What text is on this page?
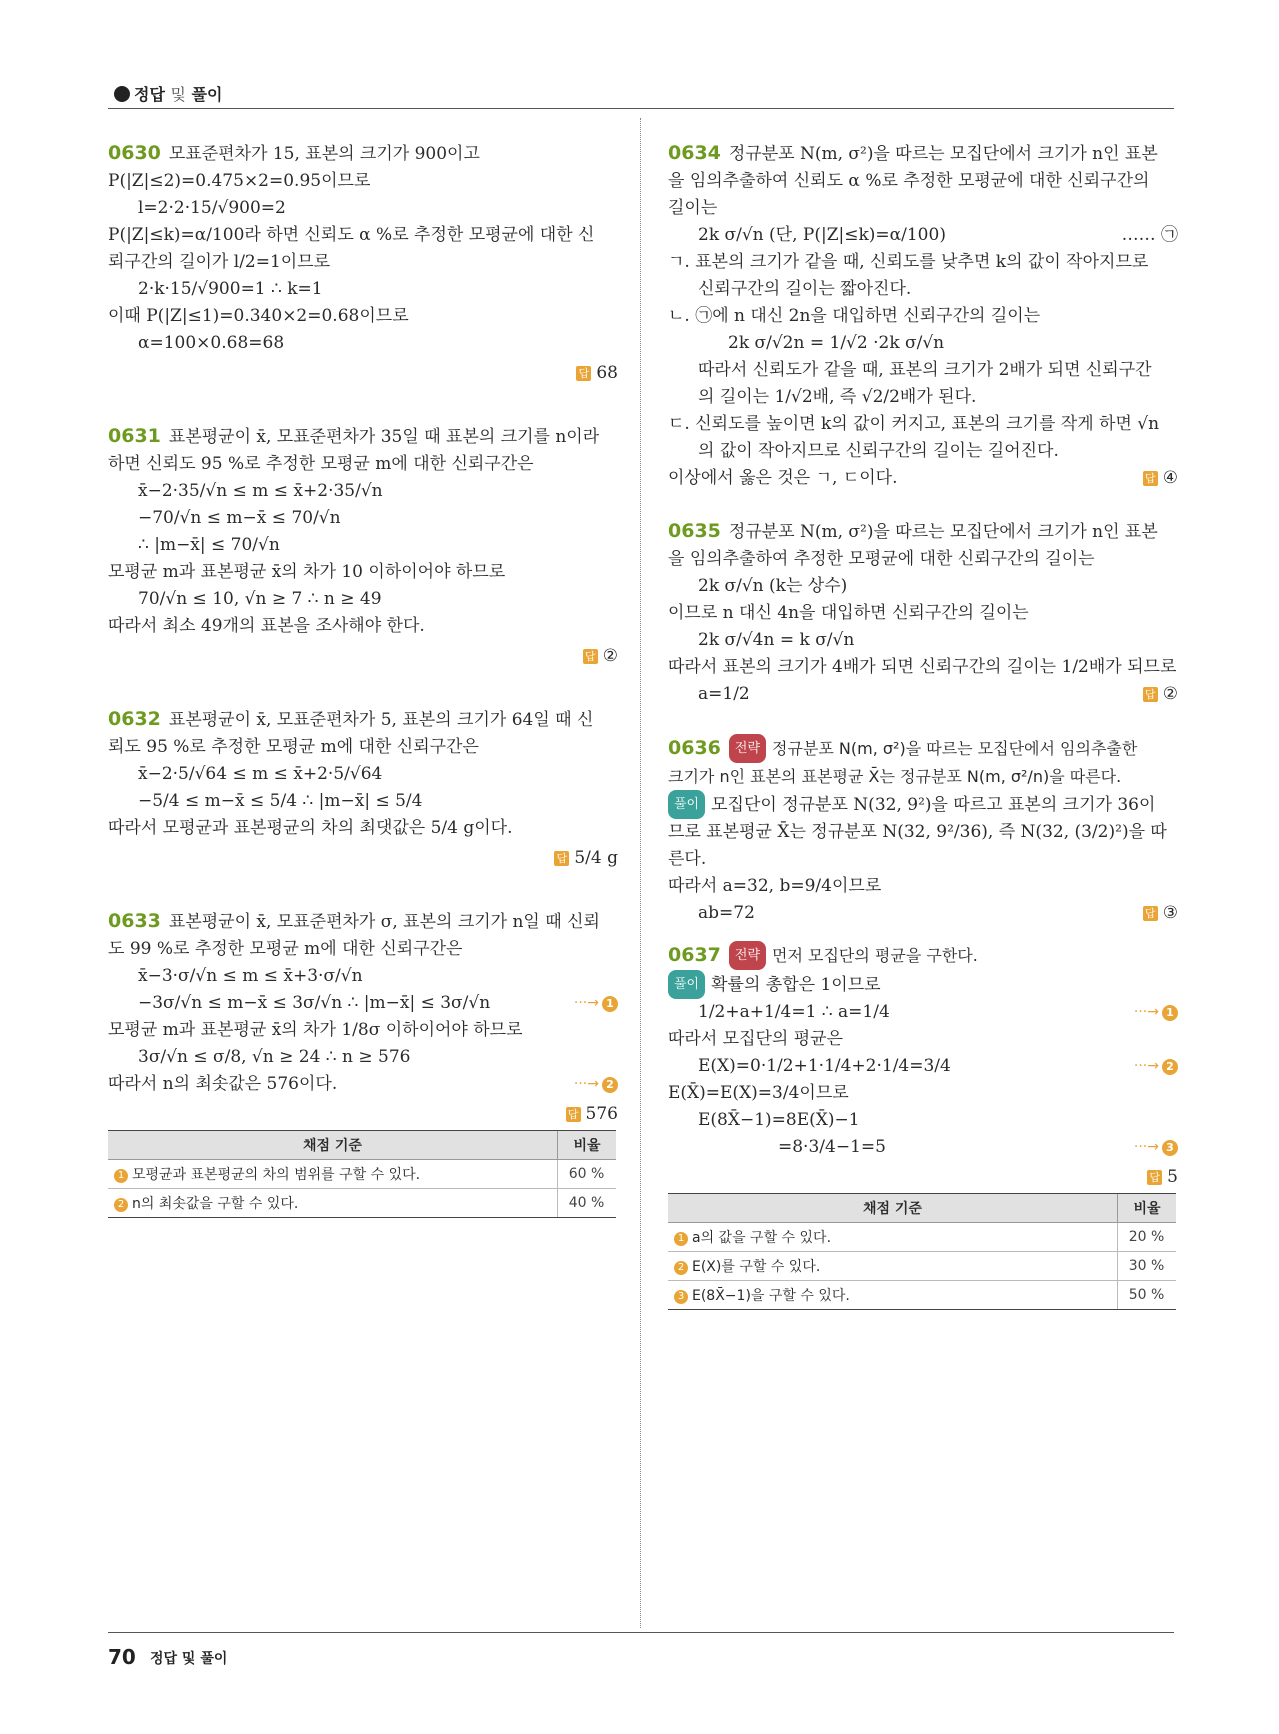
정답 및 풀이

0630 모표준편차가 15, 표본의 크기가 900이고

P(|Z|≤2)=0.475×2=0.95이므로

l=2·2·15/√900=2

P(|Z|≤k)=α/100라 하면 신뢰도 α %로 추정한 모평균에 대한 신

뢰구간의 길이가 l/2=1이므로

2·k·15/√900=1 ∴ k=1

이때 P(|Z|≤1)=0.340×2=0.68이므로

α=100×0.68=68

답 68

0631 표본평균이 x̄, 모표준편차가 35일 때 표본의 크기를 n이라

하면 신뢰도 95 %로 추정한 모평균 m에 대한 신뢰구간은

x̄−2·35/√n ≤ m ≤ x̄+2·35/√n

−70/√n ≤ m−x̄ ≤ 70/√n

∴ |m−x̄| ≤ 70/√n

모평균 m과 표본평균 x̄의 차가 10 이하이어야 하므로

70/√n ≤ 10, √n ≥ 7 ∴ n ≥ 49

따라서 최소 49개의 표본을 조사해야 한다.

답 ②

0632 표본평균이 x̄, 모표준편차가 5, 표본의 크기가 64일 때 신

뢰도 95 %로 추정한 모평균 m에 대한 신뢰구간은

x̄−2·5/√64 ≤ m ≤ x̄+2·5/√64

−5/4 ≤ m−x̄ ≤ 5/4 ∴ |m−x̄| ≤ 5/4

따라서 모평균과 표본평균의 차의 최댓값은 5/4 g이다.

답 5/4 g

0633 표본평균이 x̄, 모표준편차가 σ, 표본의 크기가 n일 때 신뢰

도 99 %로 추정한 모평균 m에 대한 신뢰구간은

x̄−3·σ/√n ≤ m ≤ x̄+3·σ/√n

−3σ/√n ≤ m−x̄ ≤ 3σ/√n ∴ |m−x̄| ≤ 3σ/√n	···→ 1

모평균 m과 표본평균 x̄의 차가 1/8σ 이하이어야 하므로

3σ/√n ≤ σ/8, √n ≥ 24 ∴ n ≥ 576

따라서 n의 최솟값은 576이다.	···→ 2

답 576
채점 기준	비율
1 모평균과 표본평균의 차의 범위를 구할 수 있다.	60 %
2 n의 최솟값을 구할 수 있다.	40 %

0634 정규분포 N(m, σ²)을 따르는 모집단에서 크기가 n인 표본

을 임의추출하여 신뢰도 α %로 추정한 모평균에 대한 신뢰구간의

길이는

2k σ/√n (단, P(|Z|≤k)=α/100)	…… ㉠

ㄱ. 표본의 크기가 같을 때, 신뢰도를 낮추면 k의 값이 작아지므로

신뢰구간의 길이는 짧아진다.

ㄴ. ㉠에 n 대신 2n을 대입하면 신뢰구간의 길이는

2k σ/√2n = 1/√2 ·2k σ/√n

따라서 신뢰도가 같을 때, 표본의 크기가 2배가 되면 신뢰구간

의 길이는 1/√2배, 즉 √2/2배가 된다.

ㄷ. 신뢰도를 높이면 k의 값이 커지고, 표본의 크기를 작게 하면 √n

의 값이 작아지므로 신뢰구간의 길이는 길어진다.

이상에서 옳은 것은 ㄱ, ㄷ이다.	답 ④

0635 정규분포 N(m, σ²)을 따르는 모집단에서 크기가 n인 표본

을 임의추출하여 추정한 모평균에 대한 신뢰구간의 길이는

2k σ/√n (k는 상수)

이므로 n 대신 4n을 대입하면 신뢰구간의 길이는

2k σ/√4n = k σ/√n

따라서 표본의 크기가 4배가 되면 신뢰구간의 길이는 1/2배가 되므로

a=1/2	답 ②

0636 전략 정규분포 N(m, σ²)을 따르는 모집단에서 임의추출한

크기가 n인 표본의 표본평균 X̄는 정규분포 N(m, σ²/n)을 따른다.

풀이 모집단이 정규분포 N(32, 9²)을 따르고 표본의 크기가 36이

므로 표본평균 X̄는 정규분포 N(32, 9²/36), 즉 N(32, (3/2)²)을 따

른다.

따라서 a=32, b=9/4이므로

ab=72	답 ③

0637 전략 먼저 모집단의 평균을 구한다.

풀이 확률의 총합은 1이므로

1/2+a+1/4=1 ∴ a=1/4	···→ 1

따라서 모집단의 평균은

E(X)=0·1/2+1·1/4+2·1/4=3/4	···→ 2

E(X̄)=E(X)=3/4이므로

E(8X̄−1)=8E(X̄)−1

=8·3/4−1=5	···→ 3

답 5
채점 기준	비율
1 a의 값을 구할 수 있다.	20 %
2 E(X)를 구할 수 있다.	30 %
3 E(8X̄−1)을 구할 수 있다.	50 %
70 정답 및 풀이
